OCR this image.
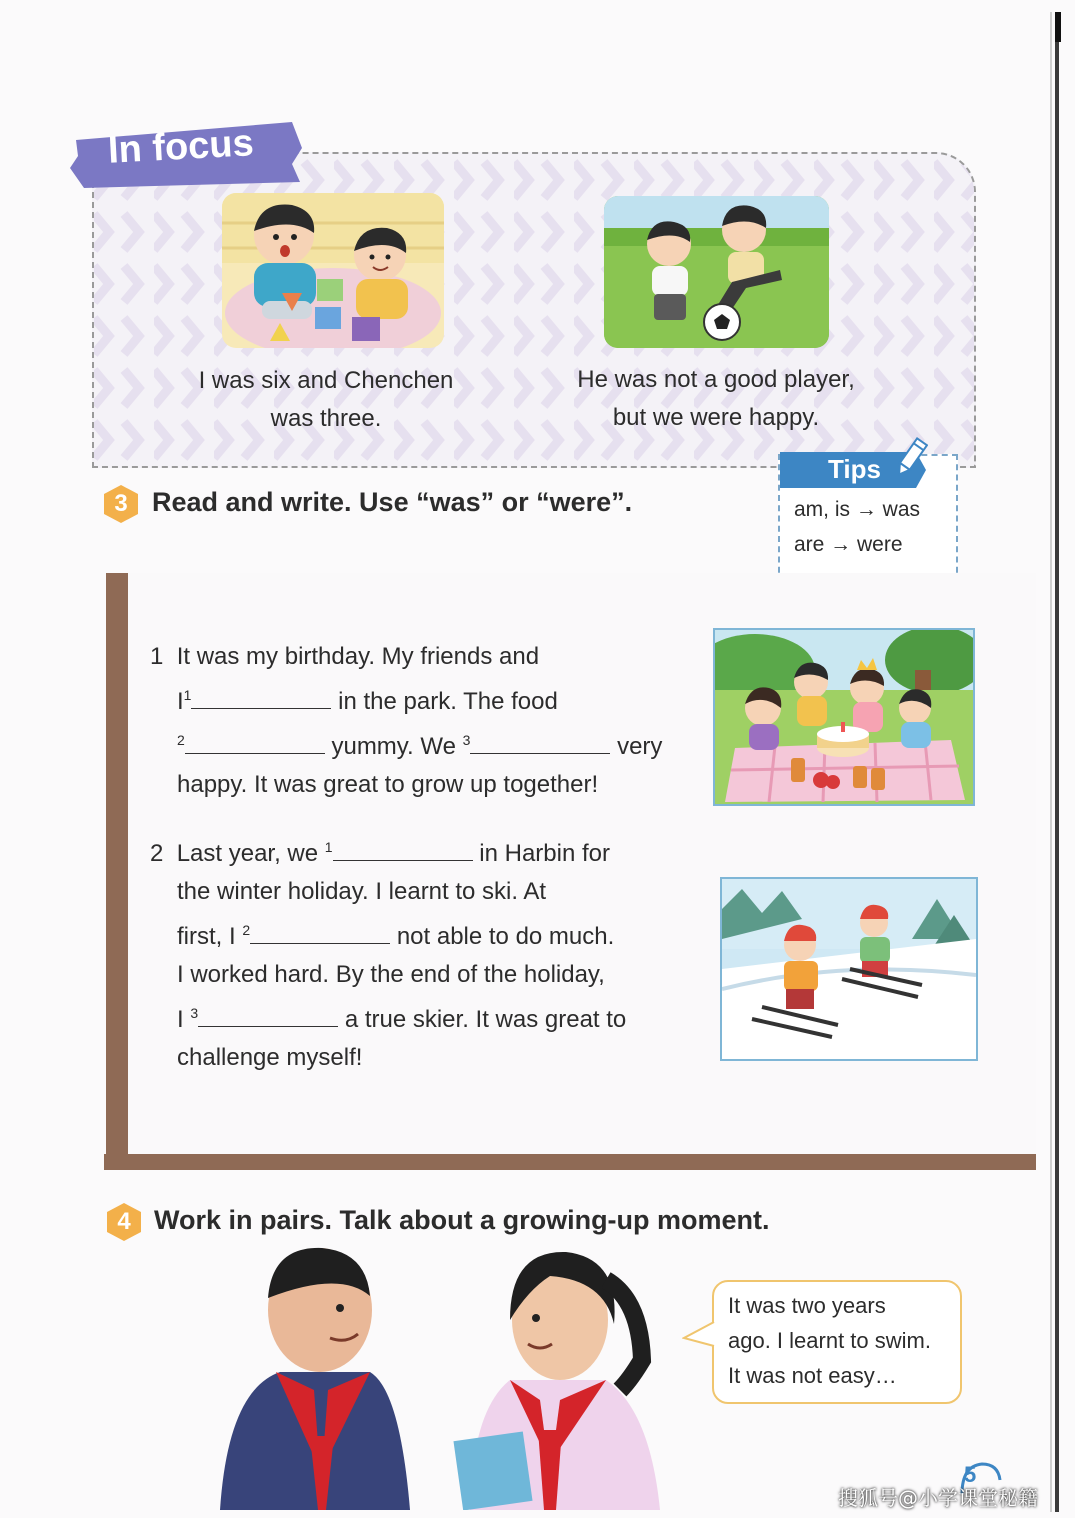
In focus
I was six and Chenchen
was three.
He was not a good player,
but we were happy.
Tips
am, is → was
are → were
3 Read and write. Use “was” or “were”.
1 It was my birthday. My friends and
$I^1$	in the park. The food
$^2$	yummy. We $^3$	very
happy. It was great to grow up together!
2 Last year, we $^1$	in Harbin for
the winter holiday. I learnt to ski. At
first, I $^2$	not able to do much.
I worked hard. By the end of the holiday,
I $^3$	a true skier. It was great to
challenge myself!
4 Work in pairs. Talk about a growing-up moment.
It was two years
ago. I learnt to swim.
It was not easy…
5
搜狐号@小学课堂秘籍
